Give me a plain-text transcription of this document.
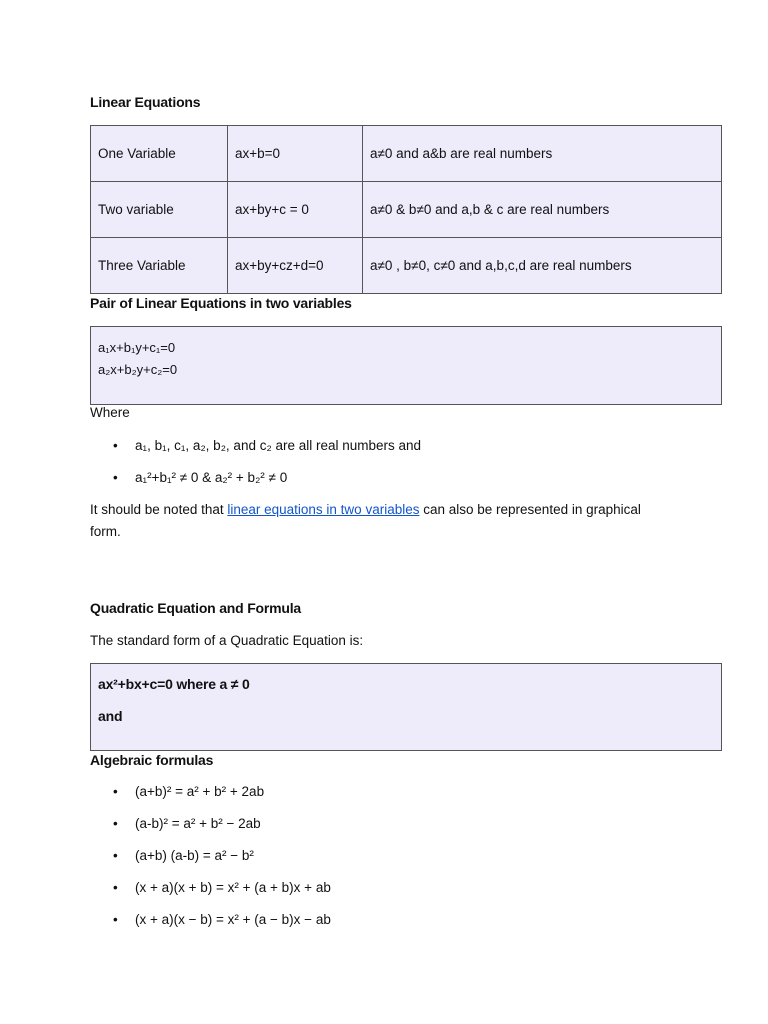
Linear Equations
One Variable	ax+b=0	a≠0 and a&b are real numbers
Two variable	ax+by+c = 0	a≠0 & b≠0 and a,b & c are real numbers
Three Variable	ax+by+cz+d=0	a≠0 , b≠0, c≠0 and a,b,c,d are real numbers
Pair of Linear Equations in two variables
a₁x+b₁y+c₁=0
a₂x+b₂y+c₂=0

Where

• a₁, b₁, c₁, a₂, b₂, and c₂ are all real numbers and
• a₁²+b₁² ≠ 0 & a₂² + b₂² ≠ 0

It should be noted that linear equations in two variables can also be represented in graphical

form.

Quadratic Equation and Formula

The standard form of a Quadratic Equation is:

ax²+bx+c=0 where a ≠ 0
and
Algebraic formulas
• (a+b)² = a² + b² + 2ab
• (a-b)² = a² + b² − 2ab
• (a+b) (a-b) = a² − b²
• (x + a)(x + b) = x² + (a + b)x + ab
• (x + a)(x − b) = x² + (a − b)x − ab
